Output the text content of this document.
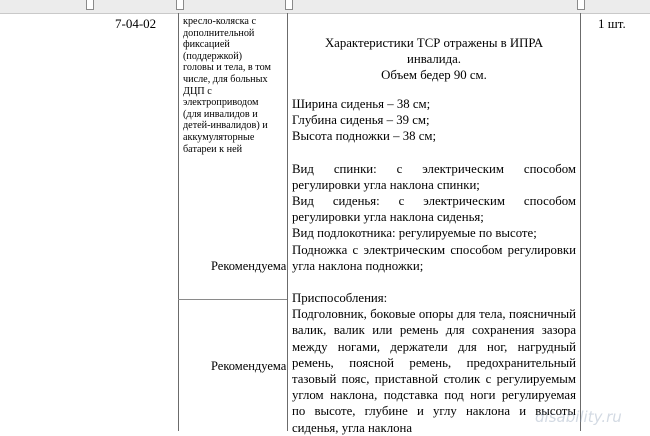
7-04-02	1 шт.
кресло-коляска с
дополнительной
фиксацией
(поддержкой)
головы и тела, в том
числе, для больных
ДЦП с
электроприводом
(для инвалидов и
детей-инвалидов) и
аккумуляторные
батареи к ней
Рекомендуема
Рекомендуема
Характеристики ТСР отражены в ИПРА
инвалида.
Объем бедер 90 см.

Ширина сиденья – 38 см;

Глубина сиденья – 39 см;

Высота подножки – 38 см;

Вид спинки: с электрическим способом регулировки угла наклона спинки;

Вид сиденья: с электрическим способом регулировки угла наклона сиденья;

Вид подлокотника: регулируемые по высоте;

Подножка с электрическим способом регулировки угла наклона подножки;

Приспособления:

Подголовник, боковые опоры для тела, поясничный валик, валик или ремень для сохранения зазора между ногами, держатели для ног, нагрудный ремень, поясной ремень, предохранительный тазовый пояс, приставной столик с регулируемым углом наклона, подставка под ноги регулируемая по высоте, глубине и углу наклона и высоты сиденья, угла наклона

disability.ru
